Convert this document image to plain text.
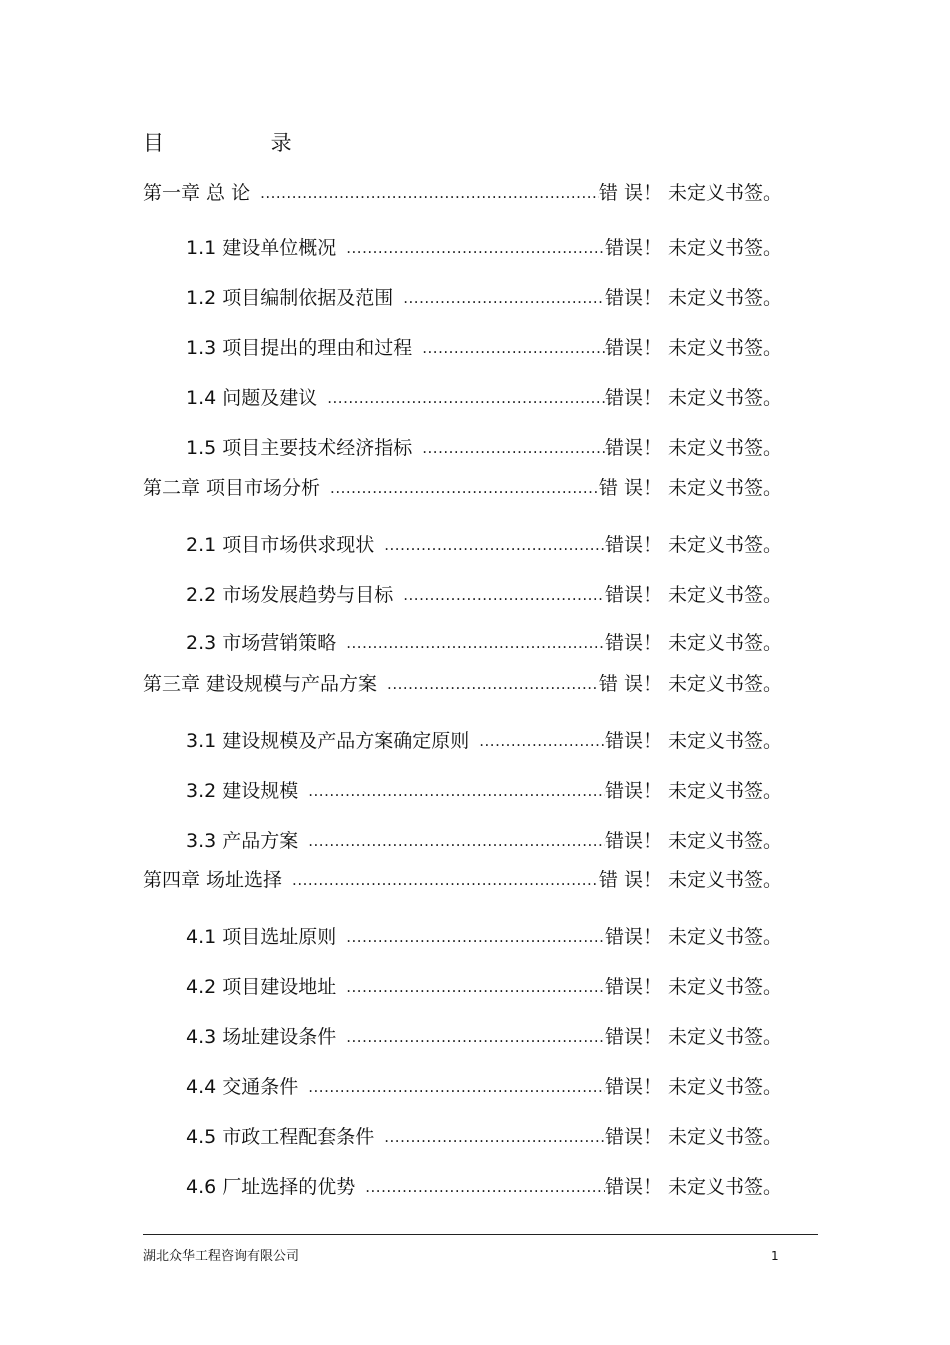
目 录
第一章 总 论 .....	错 误！ 未定义书签。
1.1 建设单位概况 .....	错误！ 未定义书签。
1.2 项目编制依据及范围 .....	错误！ 未定义书签。
1.3 项目提出的理由和过程 .....	错误！ 未定义书签。
1.4 问题及建议 .....	错误！ 未定义书签。
1.5 项目主要技术经济指标 .....	错误！ 未定义书签。
第二章 项目市场分析 .....	错 误！ 未定义书签。
2.1 项目市场供求现状 .....	错误！ 未定义书签。
2.2 市场发展趋势与目标 .....	错误！ 未定义书签。
2.3 市场营销策略 .....	错误！ 未定义书签。
第三章 建设规模与产品方案 .....	错 误！ 未定义书签。
3.1 建设规模及产品方案确定原则 .....	错误！ 未定义书签。
3.2 建设规模 .....	错误！ 未定义书签。
3.3 产品方案 .....	错误！ 未定义书签。
第四章 场址选择 .....	错 误！ 未定义书签。
4.1 项目选址原则 .....	错误！ 未定义书签。
4.2 项目建设地址 .....	错误！ 未定义书签。
4.3 场址建设条件 .....	错误！ 未定义书签。
4.4 交通条件 .....	错误！ 未定义书签。
4.5 市政工程配套条件 .....	错误！ 未定义书签。
4.6 厂址选择的优势 .....	错误！ 未定义书签。
湖北众华工程咨询有限公司	1
